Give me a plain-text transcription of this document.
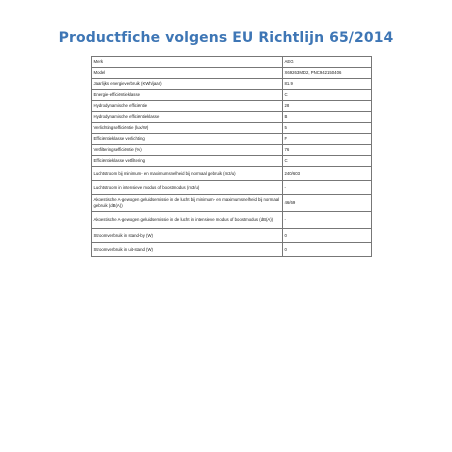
Productfiche volgens EU Richtlijn 65/2014
Merk	AEG
Model	X69263MD2, PNC942150406
Jaarlijks energieverbruik (KWh/jaar)	81.9
Energie-efficiëntieklasse	C
Hydrodynamische efficiëntie	28
Hydrodynamische efficiëntieklasse	B
Verlichtingsefficiëntie (lux/W)	5
Efficiëntieklasse verlichting	F
Vetfilteringsefficiëntie (%)	76
Efficiëntieklasse vetfiltering	C
Luchtstroom bij minimum- en maximumsnelheid bij normaal gebruik (m3/u)	240/603
Luchtstroom in intensieve modus of boostmodus (m3/u)	-
Akoestische A-gewogen geluidsemissie in de lucht bij minimum- en maximumsnelheid bij normaal gebruik (dB(A))	46/69
Akoestische A-gewogen geluidsemissie in de lucht in intensieve modus of boostmodus (dB(A))	-
Stroomverbruik in stand-by (W)	0
Stroomverbruik in uit-stand (W)	0
